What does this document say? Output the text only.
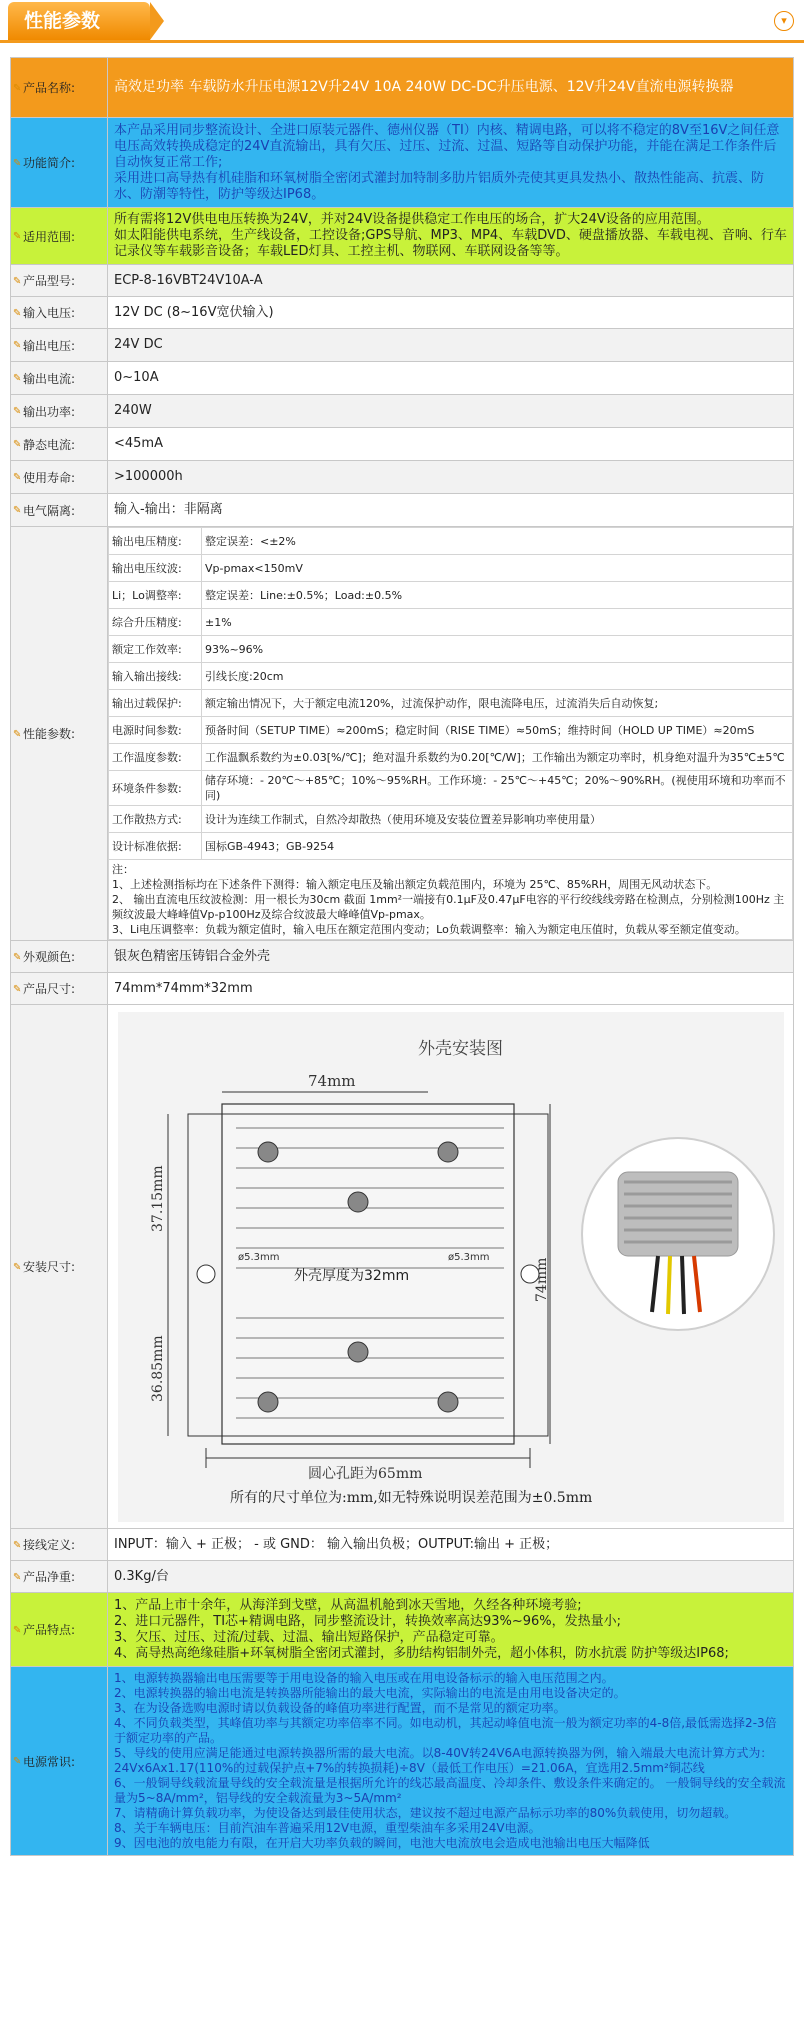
性能参数	▾
✎ 产品名称:	高效足功率 车载防水升压电源12V升24V 10A 240W DC-DC升压电源、12V升24V直流电源转换器
✎ 功能简介:	
本产品采用同步整流设计、全进口原装元器件、德州仪器（TI）内核、精调电路，可以将不稳定的8V至16V之间任意电压高效转换成稳定的24V直流输出，具有欠压、过压、过流、过温、短路等自动保护功能，并能在满足工作条件后自动恢复正常工作;
采用进口高导热有机硅脂和环氧树脂全密闭式灌封加特制多肋片铝质外壳使其更具发热小、散热性能高、抗震、防水、防潮等特性，防护等级达IP68。

✎ 适用范围:	
所有需将12V供电电压转换为24V，并对24V设备提供稳定工作电压的场合，扩大24V设备的应用范围。
如太阳能供电系统，生产线设备，工控设备;GPS导航、MP3、MP4、车载DVD、硬盘播放器、车载电视、音响、行车记录仪等车载影音设备；车载LED灯具、工控主机、物联网、车联网设备等等。

✎ 产品型号:	ECP-8-16VBT24V10A-A
✎ 输入电压:	12V DC (8~16V宽伏输入)
✎ 输出电压:	24V DC
✎ 输出电流:	0~10A
✎ 输出功率:	240W
✎ 静态电流:	<45mA
✎ 使用寿命:	>100000h
✎ 电气隔离:	输入-输出：非隔离
✎ 性能参数:	
输出电压精度:	整定误差：<±2%
输出电压纹波:	Vp-pmax<150mV
Li；Lo调整率:	整定误差：Line:±0.5%；Load:±0.5%
综合升压精度:	±1%
额定工作效率:	93%~96%
输入输出接线:	引线长度:20cm
输出过载保护:	额定输出情况下，大于额定电流120%，过流保护动作，限电流降电压，过流消失后自动恢复;
电源时间参数:	预备时间（SETUP TIME）≈200mS；稳定时间（RISE TIME）≈50mS；维持时间（HOLD UP TIME）≈20mS
工作温度参数:	工作温飘系数约为±0.03[%/℃]；绝对温升系数约为0.20[℃/W]；工作输出为额定功率时，机身绝对温升为35℃±5℃
环境条件参数:	储存环境：- 20℃～+85℃；10%～95%RH。工作环境：- 25℃～+45℃；20%～90%RH。(视使用环境和功率而不同)
工作散热方式:	设计为连续工作制式，自然冷却散热（使用环境及安装位置差异影响功率使用量）
设计标准依据:	国标GB-4943；GB-9254

注：
1、上述检测指标均在下述条件下测得：输入额定电压及输出额定负载范围内，环境为 25℃、85%RH，周围无风动状态下。
2、 输出直流电压纹波检测：用一根长为30cm 截面 1mm²一端接有0.1μF及0.47μF电容的平行绞线线旁路在检测点，分别检测100Hz 主频纹波最大峰峰值Vp-p100Hz及综合纹波最大峰峰值Vp-pmax。
3、Li电压调整率：负载为额定值时，输入电压在额定范围内变动；Lo负载调整率：输入为额定电压值时，负载从零至额定值变动。

✎ 外观颜色:	银灰色精密压铸铝合金外壳
✎ 产品尺寸:	74mm*74mm*32mm
✎ 安装尺寸:	
外壳安装图
74mm
ø5.3mm	ø5.3mm
外壳厚度为32mm
37.15mm
36.85mm
74mm
圆心孔距为65mm
所有的尺寸单位为:mm,如无特殊说明误差范围为±0.5mm

✎ 接线定义:	INPUT：输入 + 正极； - 或 GND： 输入输出负极；OUTPUT:输出 + 正极；
✎ 产品净重:	0.3Kg/台
✎ 产品特点:	
1、产品上市十余年，从海洋到戈壁，从高温机舱到冰天雪地，久经各种环境考验;
2、进口元器件，TI芯+精调电路，同步整流设计，转换效率高达93%~96%，发热量小;
3、欠压、过压、过流/过载、过温、输出短路保护，产品稳定可靠。
4、高导热高绝缘硅脂+环氧树脂全密闭式灌封，多肋结构铝制外壳，超小体积，防水抗震 防护等级达IP68;

✎ 电源常识:	
1、电源转换器输出电压需要等于用电设备的输入电压或在用电设备标示的输入电压范围之内。
2、电源转换器的输出电流是转换器所能输出的最大电流，实际输出的电流是由用电设备决定的。
3、在为设备选购电源时请以负载设备的峰值功率进行配置，而不是常见的额定功率。
4、不同负载类型，其峰值功率与其额定功率倍率不同。如电动机，其起动峰值电流一般为额定功率的4-8倍,最低需选择2-3倍于额定功率的产品。
5、导线的使用应满足能通过电源转换器所需的最大电流。以8-40V转24V6A电源转换器为例，输入端最大电流计算方式为：24Vx6Ax1.17(110%的过载保护点+7%的转换损耗)÷8V（最低工作电压）=21.06A，宜选用2.5mm²铜芯线
6、一般铜导线载流量导线的安全载流量是根据所允许的线芯最高温度、冷却条件、敷设条件来确定的。 一般铜导线的安全载流量为5~8A/mm²，铝导线的安全载流量为3~5A/mm²
7、请精确计算负载功率，为使设备达到最佳使用状态，建议按不超过电源产品标示功率的80%负载使用，切勿超载。
8、关于车辆电压：目前汽油车普遍采用12V电源，重型柴油车多采用24V电源。
9、因电池的放电能力有限，在开启大功率负载的瞬间，电池大电流放电会造成电池输出电压大幅降低
